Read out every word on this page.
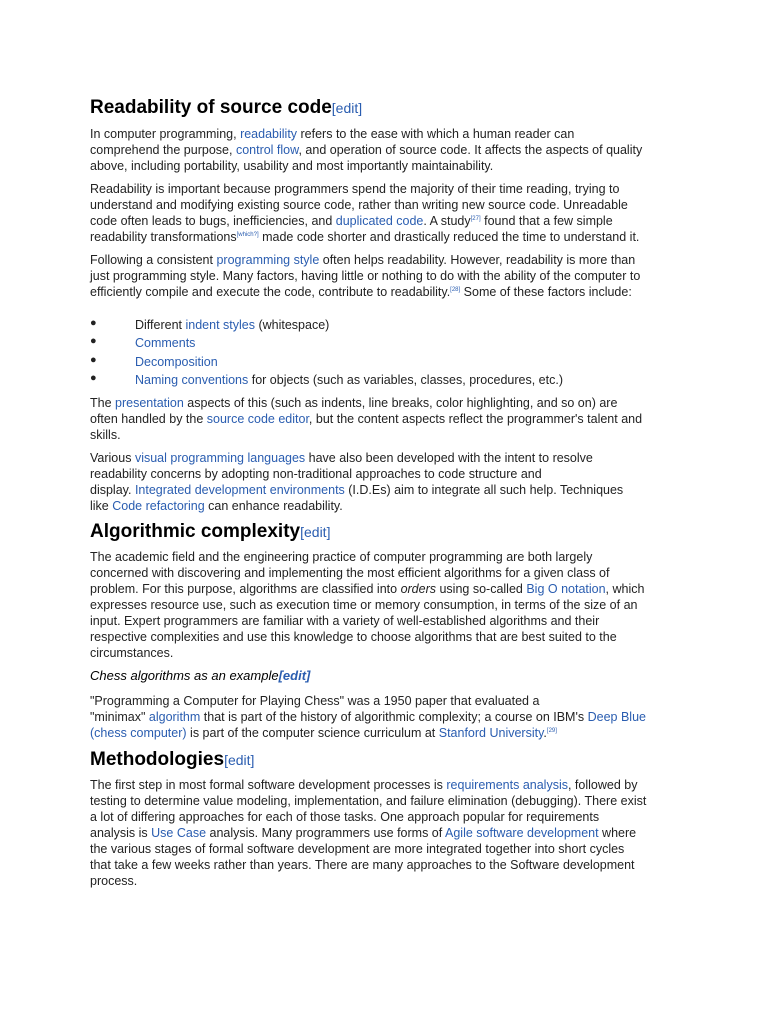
Readability of source code[edit]
In computer programming, readability refers to the ease with which a human reader can
comprehend the purpose, control flow, and operation of source code. It affects the aspects of quality
above, including portability, usability and most importantly maintainability.
Readability is important because programmers spend the majority of their time reading, trying to
understand and modifying existing source code, rather than writing new source code. Unreadable
code often leads to bugs, inefficiencies, and duplicated code. A study[27] found that a few simple
readability transformations[which?] made code shorter and drastically reduced the time to understand it.
Following a consistent programming style often helps readability. However, readability is more than
just programming style. Many factors, having little or nothing to do with the ability of the computer to
efficiently compile and execute the code, contribute to readability.[28] Some of these factors include:
●	Different indent styles (whitespace)
●	Comments
●	Decomposition
●	Naming conventions for objects (such as variables, classes, procedures, etc.)
The presentation aspects of this (such as indents, line breaks, color highlighting, and so on) are
often handled by the source code editor, but the content aspects reflect the programmer's talent and
skills.
Various visual programming languages have also been developed with the intent to resolve
readability concerns by adopting non-traditional approaches to code structure and
display. Integrated development environments (I.D.Es) aim to integrate all such help. Techniques
like Code refactoring can enhance readability.
Algorithmic complexity[edit]
The academic field and the engineering practice of computer programming are both largely
concerned with discovering and implementing the most efficient algorithms for a given class of
problem. For this purpose, algorithms are classified into orders using so-called Big O notation, which
expresses resource use, such as execution time or memory consumption, in terms of the size of an
input. Expert programmers are familiar with a variety of well-established algorithms and their
respective complexities and use this knowledge to choose algorithms that are best suited to the
circumstances.
Chess algorithms as an example[edit]
"Programming a Computer for Playing Chess" was a 1950 paper that evaluated a
"minimax" algorithm that is part of the history of algorithmic complexity; a course on IBM's Deep Blue
(chess computer) is part of the computer science curriculum at Stanford University.[29]
Methodologies[edit]
The first step in most formal software development processes is requirements analysis, followed by
testing to determine value modeling, implementation, and failure elimination (debugging). There exist
a lot of differing approaches for each of those tasks. One approach popular for requirements
analysis is Use Case analysis. Many programmers use forms of Agile software development where
the various stages of formal software development are more integrated together into short cycles
that take a few weeks rather than years. There are many approaches to the Software development
process.
